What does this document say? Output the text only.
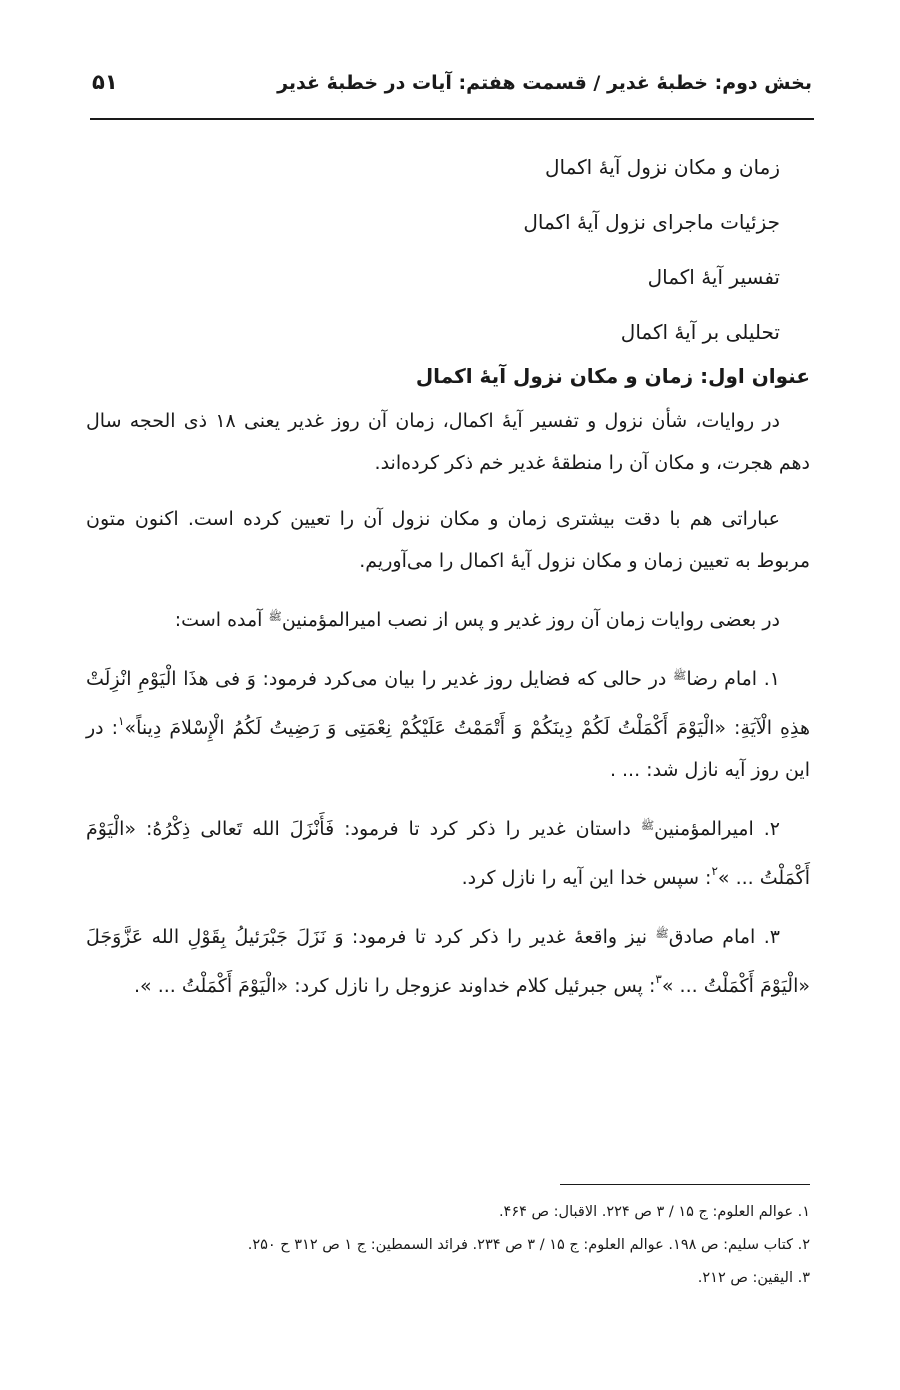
بخش دوم: خطبهٔ غدیر / قسمت هفتم: آیات در خطبهٔ غدیر
۵۱
زمان و مکان نزول آیهٔ اکمال
جزئیات ماجرای نزول آیهٔ اکمال
تفسیر آیهٔ اکمال
تحلیلی بر آیهٔ اکمال
عنوان اول: زمان و مکان نزول آیهٔ اکمال

در روایات، شأن نزول و تفسیر آیهٔ اکمال، زمان آن روز غدیر یعنی ۱۸ ذی الحجه سال دهم هجرت، و مکان آن را منطقهٔ غدیر خم ذکر کرده‌اند.

عباراتی هم با دقت بیشتری زمان و مکان نزول آن را تعیین کرده است. اکنون متون مربوط به تعیین زمان و مکان نزول آیهٔ اکمال را می‌آوریم.

در بعضی روایات زمان آن روز غدیر و پس از نصب امیرالمؤمنین$^ﷺ$ آمده است:

۱. امام رضا$^ﷺ$ در حالی که فضایل روز غدیر را بیان می‌کرد فرمود: وَ فی هذَا الْیَوْمِ انْزِلَتْ هذِهِ الْآیَةِ: «الْیَوْمَ أَکْمَلْتُ لَکُمْ دِینَکُمْ وَ أَتْمَمْتُ عَلَیْکُمْ نِعْمَتِی وَ رَضِیتُ لَکُمُ الْإِسْلامَ دِیناً»$^۱$: در این روز آیه نازل شد: ... .

۲. امیرالمؤمنین$^ﷺ$ داستان غدیر را ذکر کرد تا فرمود: فَأَنْزَلَ الله تَعالی ذِکْرُهُ: «الْیَوْمَ أَکْمَلْتُ ... »$^۲$: سپس خدا این آیه را نازل کرد.

۳. امام صادق$^ﷺ$ نیز واقعهٔ غدیر را ذکر کرد تا فرمود: وَ نَزَلَ جَبْرَئیلُ بِقَوْلِ الله عَزَّوَجَلَ «الْیَوْمَ أَکْمَلْتُ ... »$^۳$: پس جبرئیل کلام خداوند عزوجل را نازل کرد: «الْیَوْمَ أَکْمَلْتُ ... ».

۱. عوالم العلوم: ج ۱۵ / ۳ ص ۲۲۴. الاقبال: ص ۴۶۴.
۲. کتاب سلیم: ص ۱۹۸. عوالم العلوم: ج ۱۵ / ۳ ص ۲۳۴. فرائد السمطین: ج ۱ ص ۳۱۲ ح ۲۵۰.
۳. الیقین: ص ۲۱۲.
